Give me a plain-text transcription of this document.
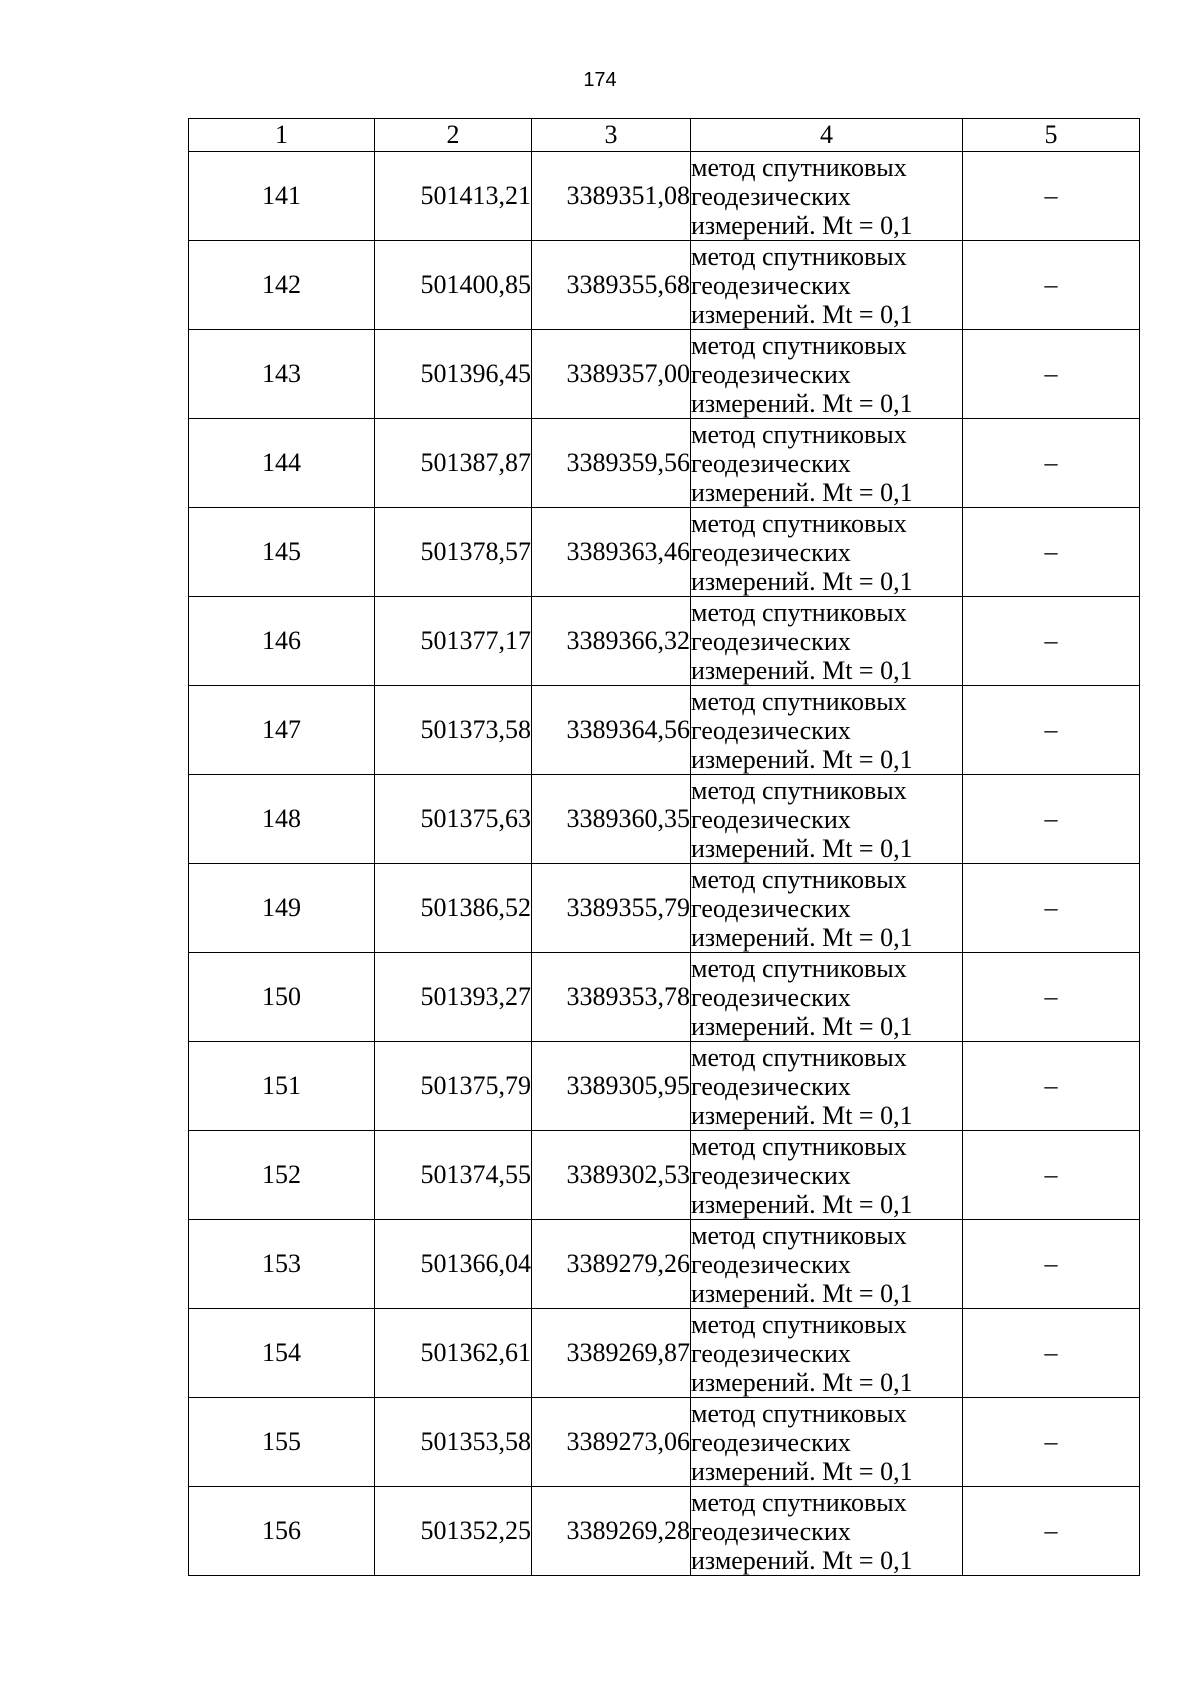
174
1	2	3	4	5
141	501413,21	3389351,08	метод спутниковых
геодезических
измерений. Mt = 0,1	–
142	501400,85	3389355,68	метод спутниковых
геодезических
измерений. Mt = 0,1	–
143	501396,45	3389357,00	метод спутниковых
геодезических
измерений. Mt = 0,1	–
144	501387,87	3389359,56	метод спутниковых
геодезических
измерений. Mt = 0,1	–
145	501378,57	3389363,46	метод спутниковых
геодезических
измерений. Mt = 0,1	–
146	501377,17	3389366,32	метод спутниковых
геодезических
измерений. Mt = 0,1	–
147	501373,58	3389364,56	метод спутниковых
геодезических
измерений. Mt = 0,1	–
148	501375,63	3389360,35	метод спутниковых
геодезических
измерений. Mt = 0,1	–
149	501386,52	3389355,79	метод спутниковых
геодезических
измерений. Mt = 0,1	–
150	501393,27	3389353,78	метод спутниковых
геодезических
измерений. Mt = 0,1	–
151	501375,79	3389305,95	метод спутниковых
геодезических
измерений. Mt = 0,1	–
152	501374,55	3389302,53	метод спутниковых
геодезических
измерений. Mt = 0,1	–
153	501366,04	3389279,26	метод спутниковых
геодезических
измерений. Mt = 0,1	–
154	501362,61	3389269,87	метод спутниковых
геодезических
измерений. Mt = 0,1	–
155	501353,58	3389273,06	метод спутниковых
геодезических
измерений. Mt = 0,1	–
156	501352,25	3389269,28	метод спутниковых
геодезических
измерений. Mt = 0,1	–
